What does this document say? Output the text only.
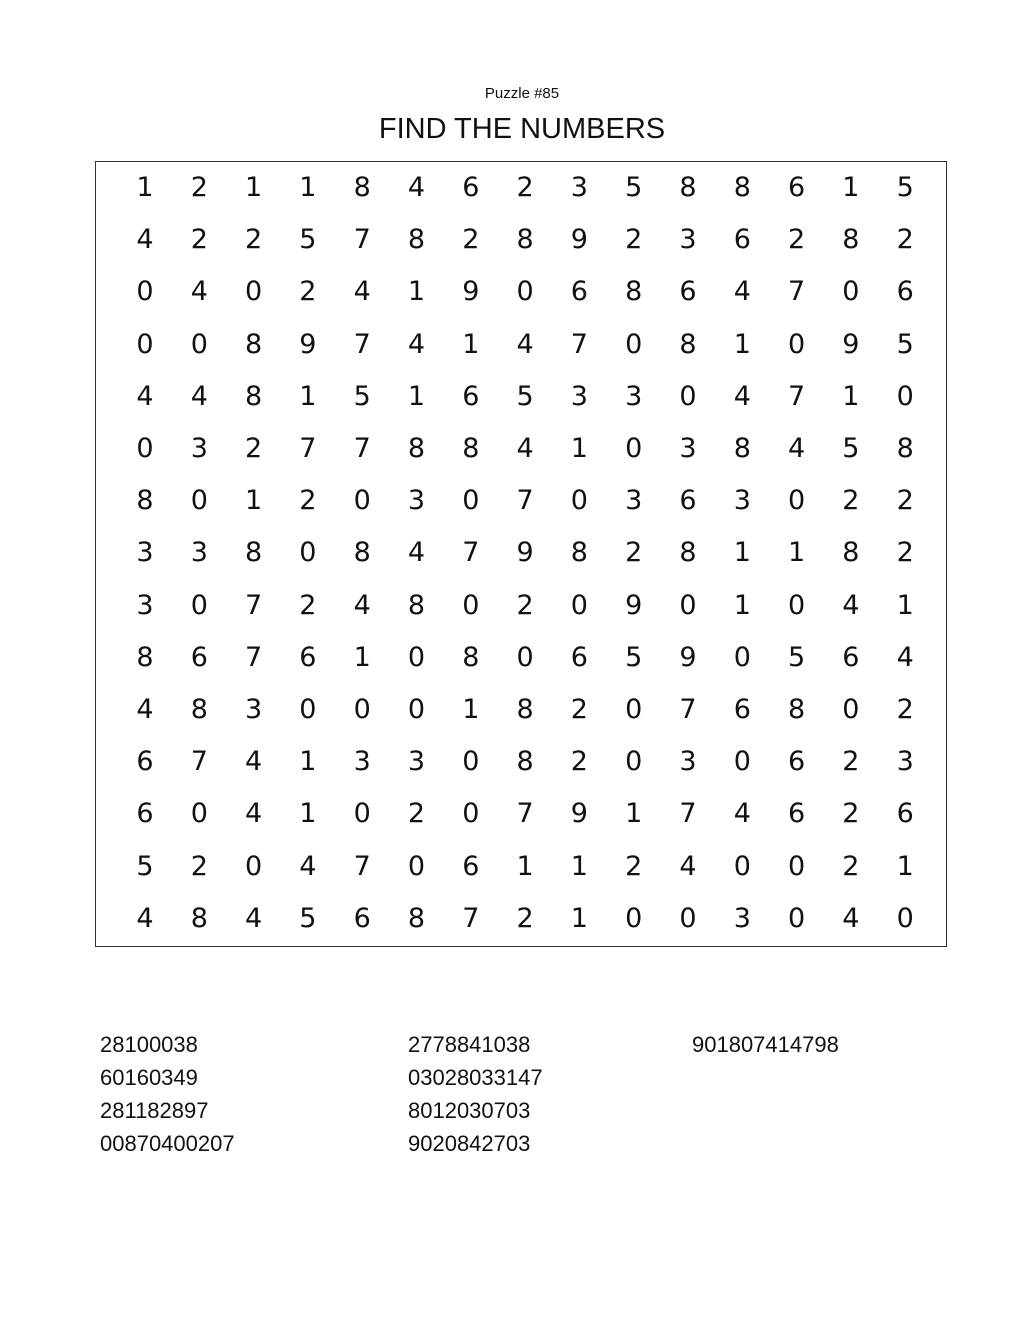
Puzzle #85
FIND THE NUMBERS
1	2	1	1	8	4	6	2	3	5	8	8	6	1	5
4	2	2	5	7	8	2	8	9	2	3	6	2	8	2
0	4	0	2	4	1	9	0	6	8	6	4	7	0	6
0	0	8	9	7	4	1	4	7	0	8	1	0	9	5
4	4	8	1	5	1	6	5	3	3	0	4	7	1	0
0	3	2	7	7	8	8	4	1	0	3	8	4	5	8
8	0	1	2	0	3	0	7	0	3	6	3	0	2	2
3	3	8	0	8	4	7	9	8	2	8	1	1	8	2
3	0	7	2	4	8	0	2	0	9	0	1	0	4	1
8	6	7	6	1	0	8	0	6	5	9	0	5	6	4
4	8	3	0	0	0	1	8	2	0	7	6	8	0	2
6	7	4	1	3	3	0	8	2	0	3	0	6	2	3
6	0	4	1	0	2	0	7	9	1	7	4	6	2	6
5	2	0	4	7	0	6	1	1	2	4	0	0	2	1
4	8	4	5	6	8	7	2	1	0	0	3	0	4	0
28100038
60160349
281182897
00870400207
2778841038
03028033147
8012030703
9020842703
901807414798
